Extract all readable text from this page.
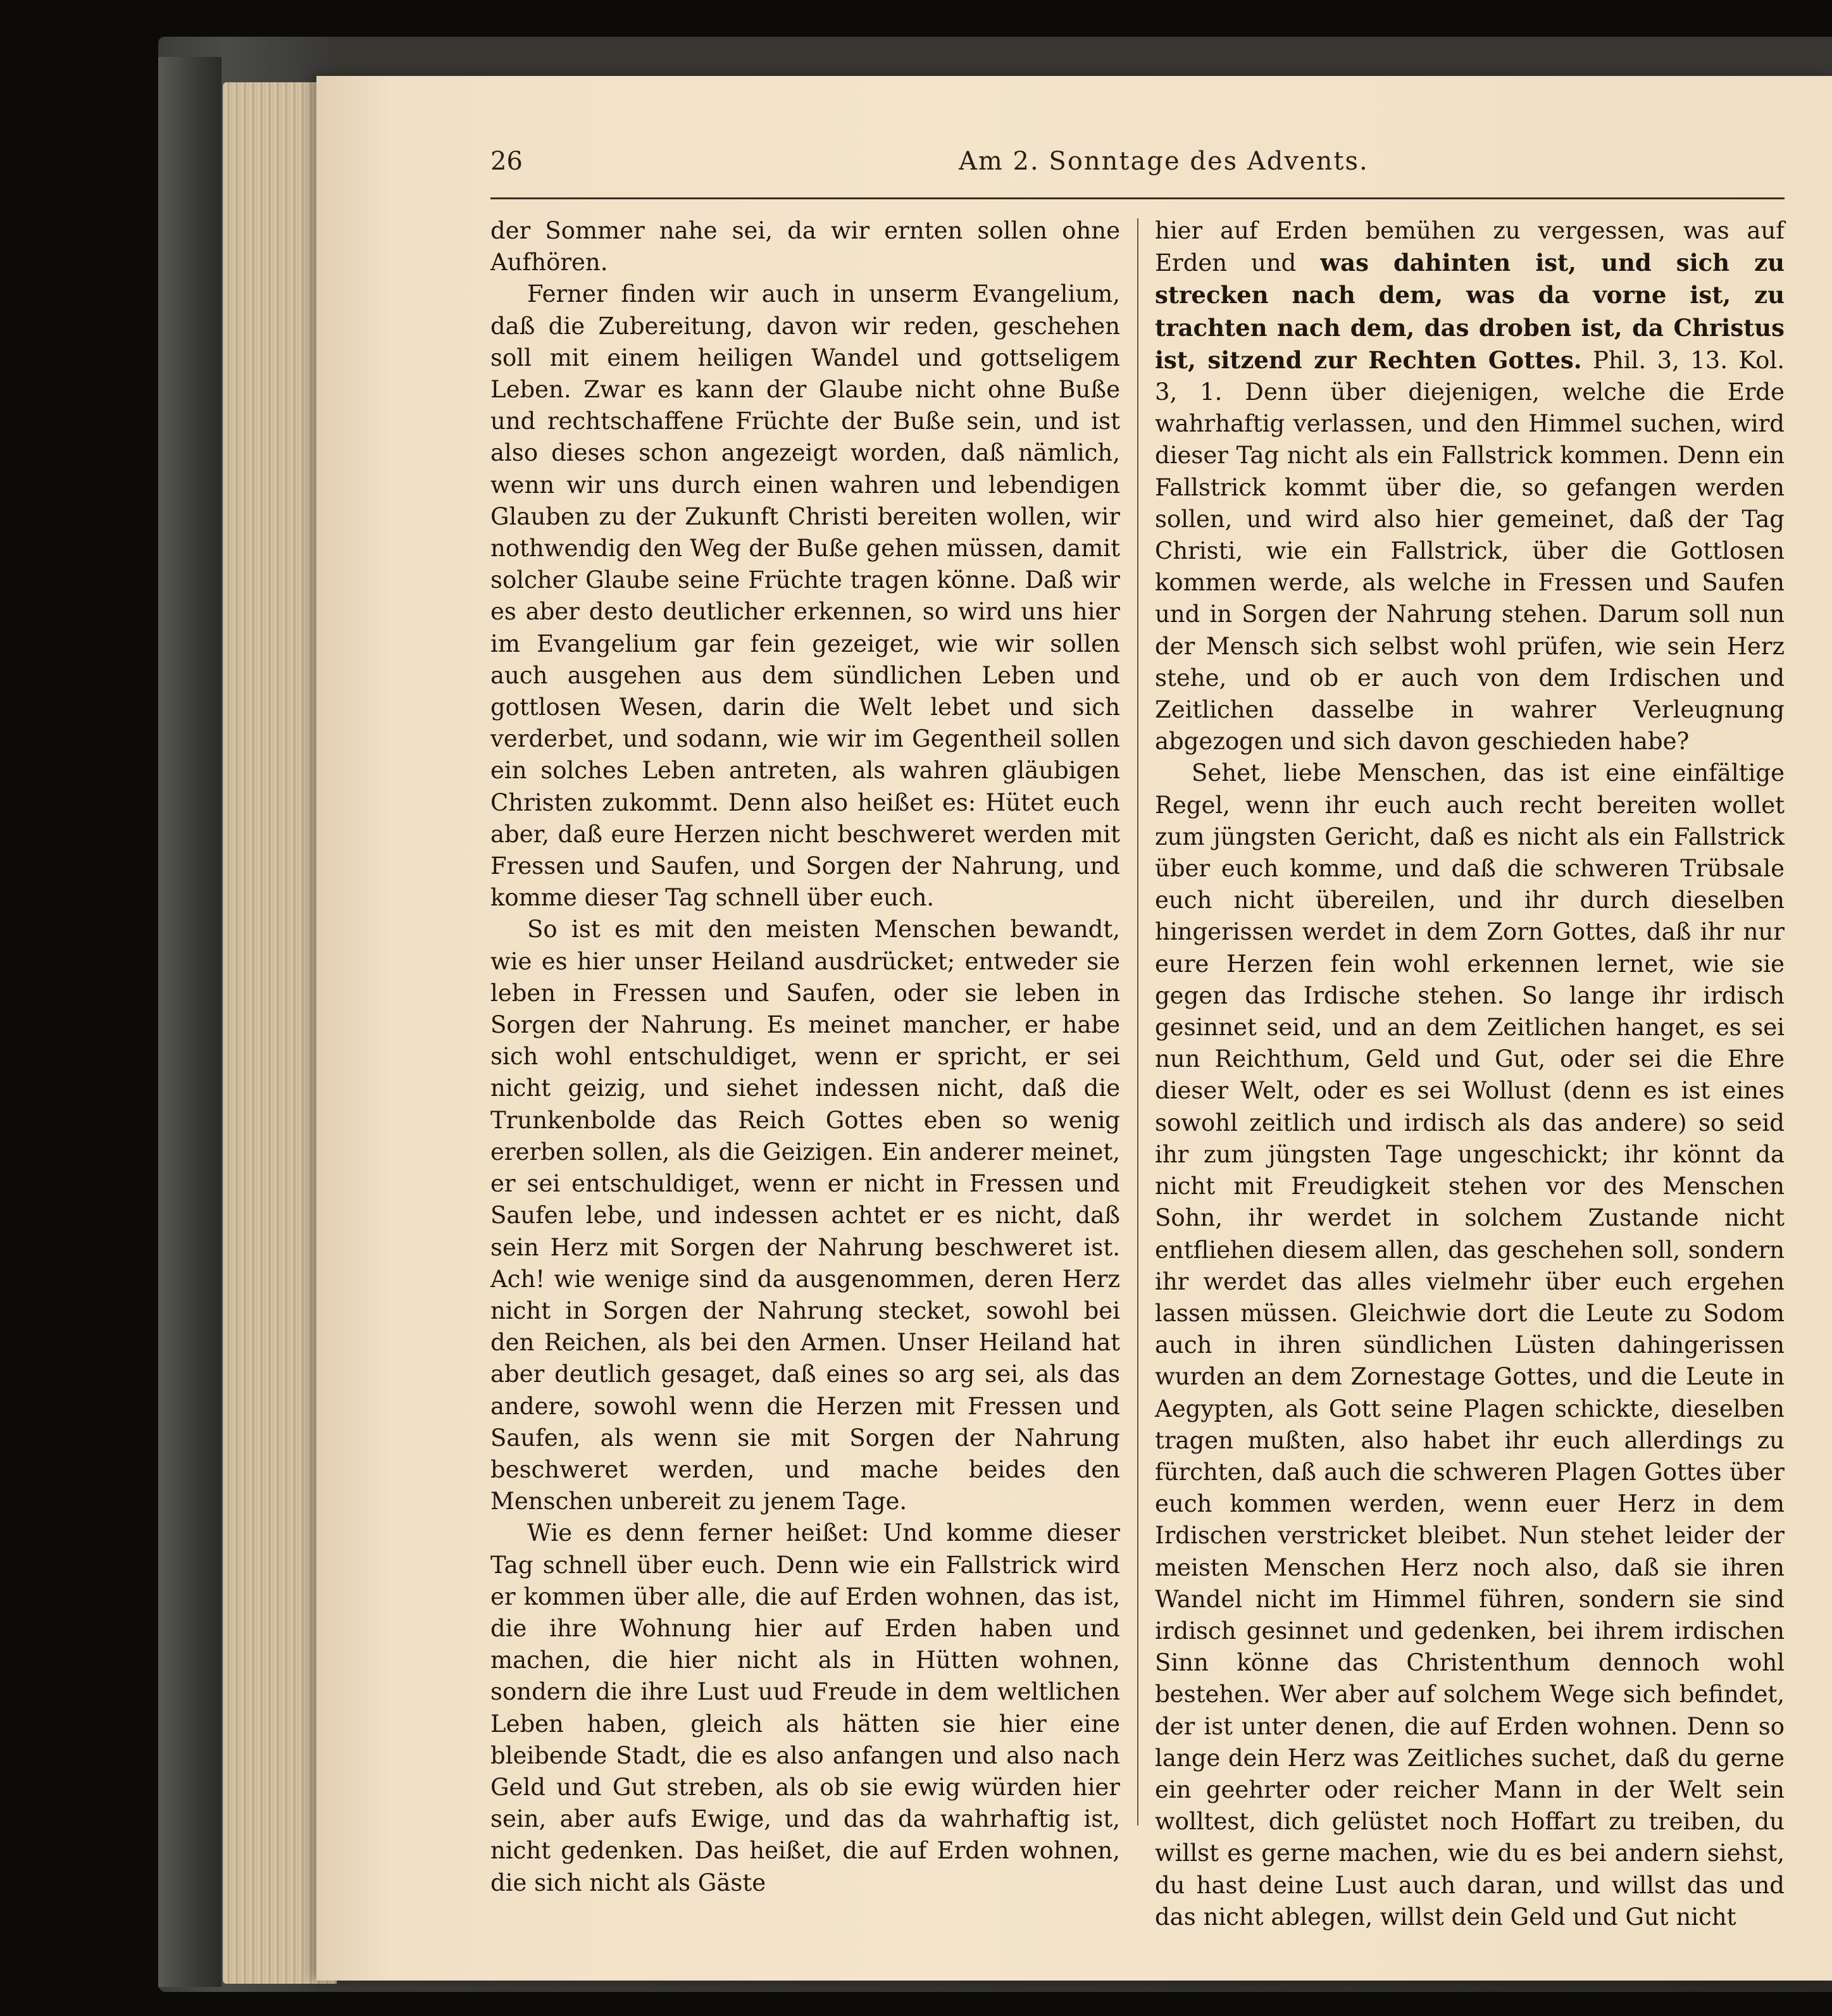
26	Am 2. Sonntage des Advents.

der Sommer nahe sei, da wir ernten sollen ohne Aufhören.

Ferner finden wir auch in unserm Evangelium, daß die Zubereitung, davon wir reden, geschehen soll mit einem heiligen Wandel und gottseligem Leben. Zwar es kann der Glaube nicht ohne Buße und rechtschaffene Früchte der Buße sein, und ist also dieses schon angezeigt worden, daß nämlich, wenn wir uns durch einen wahren und lebendigen Glauben zu der Zukunft Christi bereiten wollen, wir nothwendig den Weg der Buße gehen müssen, damit solcher Glaube seine Früchte tragen könne. Daß wir es aber desto deutlicher erkennen, so wird uns hier im Evangelium gar fein gezeiget, wie wir sollen auch ausgehen aus dem sündlichen Leben und gottlosen Wesen, darin die Welt lebet und sich verderbet, und sodann, wie wir im Gegentheil sollen ein solches Leben antreten, als wahren gläubigen Christen zukommt. Denn also heißet es: Hütet euch aber, daß eure Herzen nicht beschweret werden mit Fressen und Saufen, und Sorgen der Nahrung, und komme dieser Tag schnell über euch.

So ist es mit den meisten Menschen bewandt, wie es hier unser Heiland ausdrücket; entweder sie leben in Fressen und Saufen, oder sie leben in Sorgen der Nahrung. Es meinet mancher, er habe sich wohl entschuldiget, wenn er spricht, er sei nicht geizig, und siehet indessen nicht, daß die Trunkenbolde das Reich Gottes eben so wenig ererben sollen, als die Geizigen. Ein anderer meinet, er sei entschuldiget, wenn er nicht in Fressen und Saufen lebe, und indessen achtet er es nicht, daß sein Herz mit Sorgen der Nahrung beschweret ist. Ach! wie wenige sind da ausgenommen, deren Herz nicht in Sorgen der Nahrung stecket, sowohl bei den Reichen, als bei den Armen. Unser Heiland hat aber deutlich gesaget, daß eines so arg sei, als das andere, sowohl wenn die Herzen mit Fressen und Saufen, als wenn sie mit Sorgen der Nahrung beschweret werden, und mache beides den Menschen unbereit zu jenem Tage.

Wie es denn ferner heißet: Und komme dieser Tag schnell über euch. Denn wie ein Fallstrick wird er kommen über alle, die auf Erden wohnen, das ist, die ihre Wohnung hier auf Erden haben und machen, die hier nicht als in Hütten wohnen, sondern die ihre Lust uud Freude in dem weltlichen Leben haben, gleich als hätten sie hier eine bleibende Stadt, die es also anfangen und also nach Geld und Gut streben, als ob sie ewig würden hier sein, aber aufs Ewige, und das da wahrhaftig ist, nicht gedenken. Das heißet, die auf Erden wohnen, die sich nicht als Gäste

hier auf Erden bemühen zu vergessen, was auf Erden und was dahinten ist, und sich zu strecken nach dem, was da vorne ist, zu trachten nach dem, das droben ist, da Christus ist, sitzend zur Rechten Gottes. Phil. 3, 13. Kol. 3, 1. Denn über diejenigen, welche die Erde wahrhaftig verlassen, und den Himmel suchen, wird dieser Tag nicht als ein Fallstrick kommen. Denn ein Fallstrick kommt über die, so gefangen werden sollen, und wird also hier gemeinet, daß der Tag Christi, wie ein Fallstrick, über die Gottlosen kommen werde, als welche in Fressen und Saufen und in Sorgen der Nahrung stehen. Darum soll nun der Mensch sich selbst wohl prüfen, wie sein Herz stehe, und ob er auch von dem Irdischen und Zeitlichen dasselbe in wahrer Verleugnung abgezogen und sich davon geschieden habe?

Sehet, liebe Menschen, das ist eine einfältige Regel, wenn ihr euch auch recht bereiten wollet zum jüngsten Gericht, daß es nicht als ein Fallstrick über euch komme, und daß die schweren Trübsale euch nicht übereilen, und ihr durch dieselben hingerissen werdet in dem Zorn Gottes, daß ihr nur eure Herzen fein wohl erkennen lernet, wie sie gegen das Irdische stehen. So lange ihr irdisch gesinnet seid, und an dem Zeitlichen hanget, es sei nun Reichthum, Geld und Gut, oder sei die Ehre dieser Welt, oder es sei Wollust (denn es ist eines sowohl zeitlich und irdisch als das andere) so seid ihr zum jüngsten Tage ungeschickt; ihr könnt da nicht mit Freudigkeit stehen vor des Menschen Sohn, ihr werdet in solchem Zustande nicht entfliehen diesem allen, das geschehen soll, sondern ihr werdet das alles vielmehr über euch ergehen lassen müssen. Gleichwie dort die Leute zu Sodom auch in ihren sündlichen Lüsten dahingerissen wurden an dem Zornestage Gottes, und die Leute in Aegypten, als Gott seine Plagen schickte, dieselben tragen mußten, also habet ihr euch allerdings zu fürchten, daß auch die schweren Plagen Gottes über euch kommen werden, wenn euer Herz in dem Irdischen verstricket bleibet. Nun stehet leider der meisten Menschen Herz noch also, daß sie ihren Wandel nicht im Himmel führen, sondern sie sind irdisch gesinnet und gedenken, bei ihrem irdischen Sinn könne das Christenthum dennoch wohl bestehen. Wer aber auf solchem Wege sich befindet, der ist unter denen, die auf Erden wohnen. Denn so lange dein Herz was Zeitliches suchet, daß du gerne ein geehrter oder reicher Mann in der Welt sein wolltest, dich gelüstet noch Hoffart zu treiben, du willst es gerne machen, wie du es bei andern siehst, du hast deine Lust auch daran, und willst das und das nicht ablegen, willst dein Geld und Gut nicht
